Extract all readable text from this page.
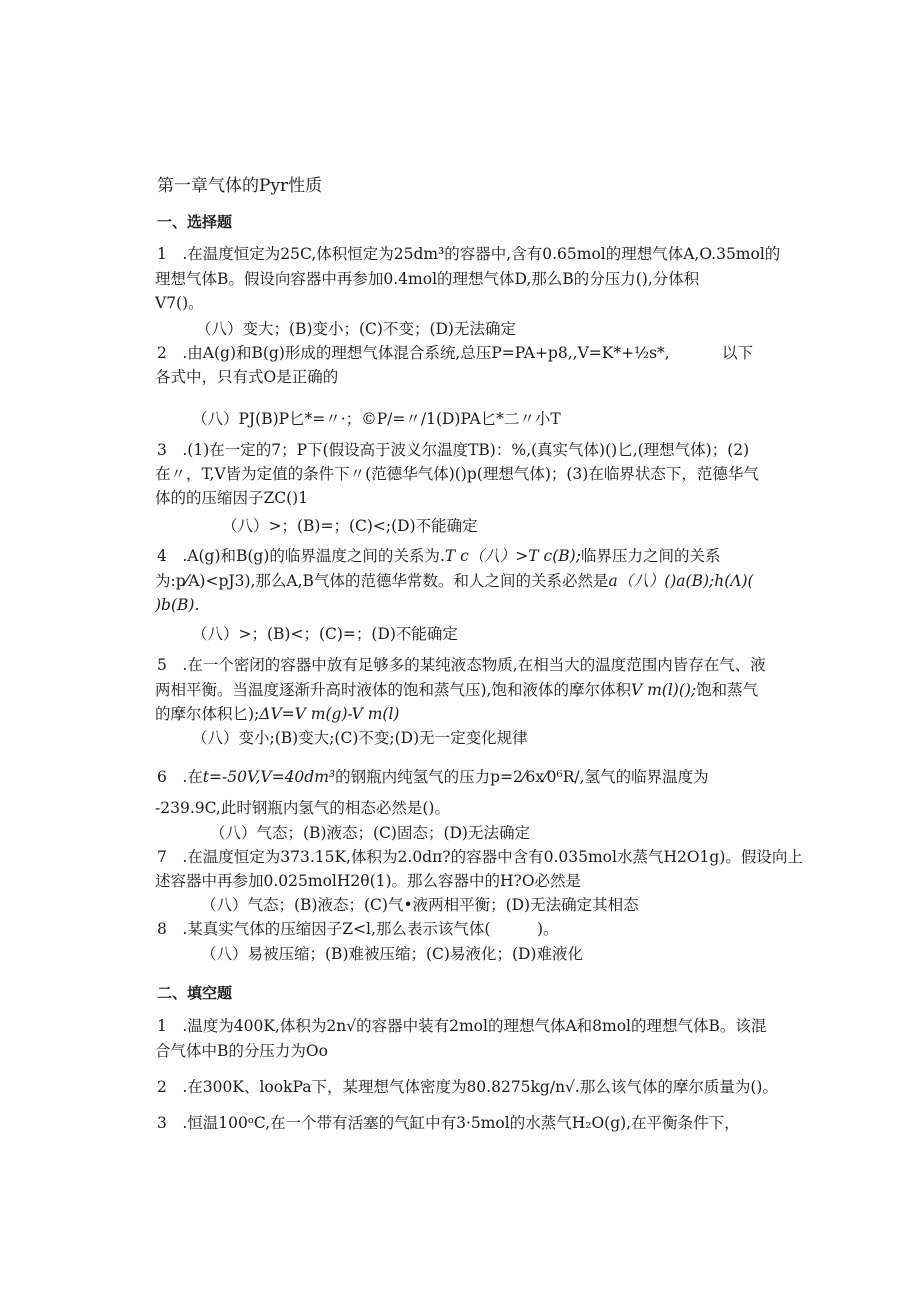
第一章气体的Pyr性质
一、选择题
1　.在温度恒定为25C,体积恒定为25dm³的容器中,含有0.65mol的理想气体A,O.35mol的
理想气体B。假设向容器中再参加0.4mol的理想气体D,那么B的分压力(),分体积
V7()。
（八）变大；(B)变小；(C)不变；(D)无法确定
2　.由A(g)和B(g)形成的理想气体混合系统,总压P=PA+p8,,V=K*+½s*,	以下
各式中，只有式O是正确的
（八）PJ(B)P匕*=〃·；©P/=〃/1(D)PA匕*二〃小T
3　.(1)在一定的7；P下(假设高于波义尔温度TB)：%,(真实气体)()匕,(理想气体)；(2)
在〃，T,V皆为定值的条件下〃(范德华气体)()p(理想气体)；(3)在临界状态下，范德华气
体的的压缩因子ZC()1
（八）>；(B)=；(C)<;(D)不能确定
4　.A(g)和B(g)的临界温度之间的关系为.T c（八）>T c(B);临界压力之间的关系
为:p⁄A)<pJ3),那么A,B气体的范德华常数。和人之间的关系必然是a（八）()a(B);h(Λ)(
)b(B).
（八）>；(B)<；(C)=；(D)不能确定
5　.在一个密闭的容器中放有足够多的某纯液态物质,在相当大的温度范围内皆存在气、液
两相平衡。当温度逐渐升高时液体的饱和蒸气压),饱和液体的摩尔体积V m(l)();饱和蒸气
的摩尔体积匕);ΔV=V m(g)-V m(l)
（八）变小;(B)变大;(C)不变;(D)无一定变化规律
6　.在t=-50V,V=40dm³的钢瓶内纯氢气的压力p=2⁄6x⁄0⁶R/,氢气的临界温度为
-239.9C,此时钢瓶内氢气的相态必然是()。
（八）气态；(B)液态；(C)固态；(D)无法确定
7　.在温度恒定为373.15K,体积为2.0dπ?的容器中含有0.035mol水蒸气H2O1g)。假设向上
述容器中再参加0.025molH2θ(1)。那么容器中的H?O必然是
（八）气态；(B)液态；(C)气•液两相平衡；(D)无法确定其相态
8　.某真实气体的压缩因子Z<l,那么表示该气体(　　　)。
（八）易被压缩；(B)难被压缩；(C)易液化；(D)难液化
二、填空题
1　.温度为400K,体积为2n√的容器中装有2mol的理想气体A和8mol的理想气体B。该混
合气体中B的分压力为Oo
2　.在300K、lookPa下，某理想气体密度为80.8275kg∕n√.那么该气体的摩尔质量为()。
3　.恒温100ᵒC,在一个带有活塞的气缸中有3·5mol的水蒸气H₂O(g),在平衡条件下，
